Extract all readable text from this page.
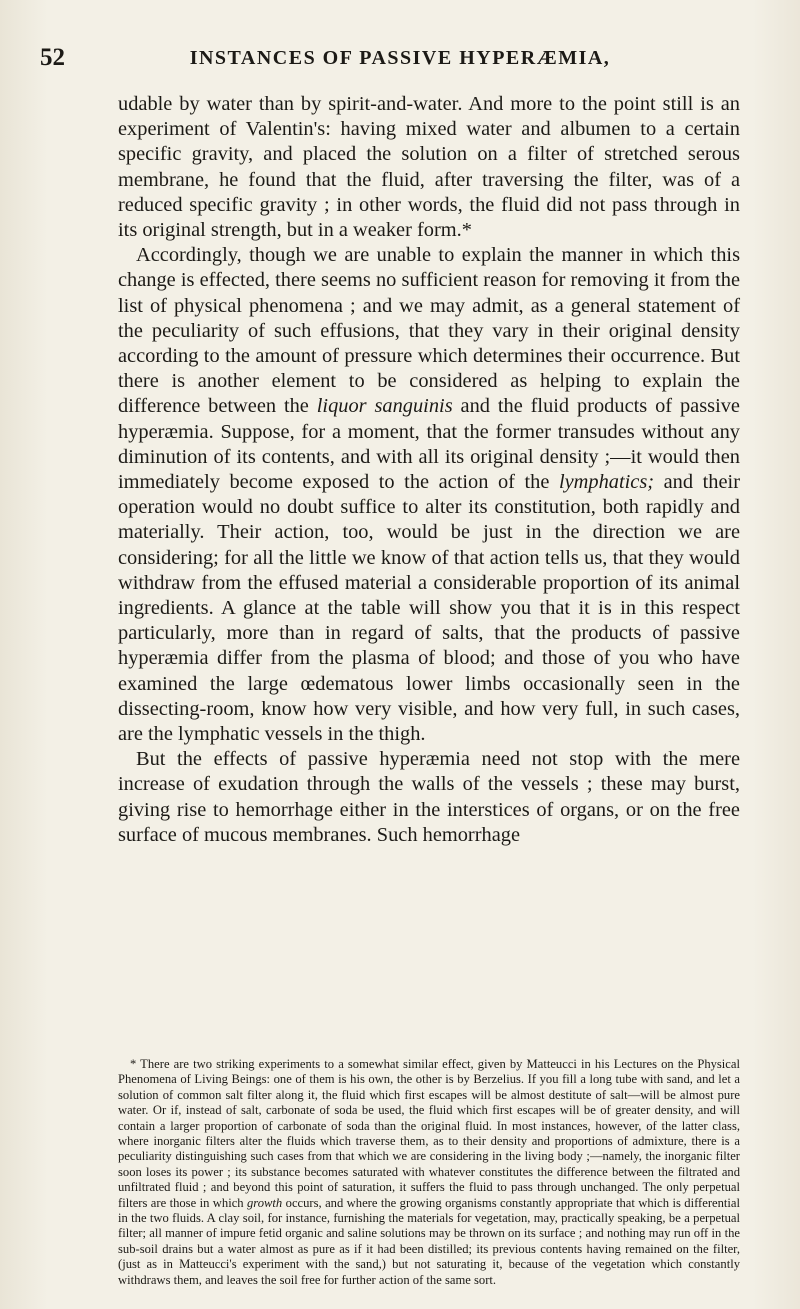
52	INSTANCES OF PASSIVE HYPERÆMIA,

udable by water than by spirit-and-water. And more to the point still is an experiment of Valentin's: having mixed water and albumen to a certain specific gravity, and placed the solution on a filter of stretched serous membrane, he found that the fluid, after traversing the filter, was of a reduced specific gravity ; in other words, the fluid did not pass through in its original strength, but in a weaker form.*

Accordingly, though we are unable to explain the manner in which this change is effected, there seems no sufficient reason for removing it from the list of physical phenomena ; and we may admit, as a general statement of the peculiarity of such effusions, that they vary in their original density according to the amount of pressure which determines their occurrence. But there is another element to be considered as helping to explain the difference between the liquor sanguinis and the fluid products of passive hyperæmia. Suppose, for a moment, that the former transudes without any diminution of its contents, and with all its original density ;—it would then immediately become exposed to the action of the lymphatics; and their operation would no doubt suffice to alter its constitution, both rapidly and materially. Their action, too, would be just in the direction we are considering; for all the little we know of that action tells us, that they would withdraw from the effused material a considerable proportion of its animal ingredients. A glance at the table will show you that it is in this respect particularly, more than in regard of salts, that the products of passive hyperæmia differ from the plasma of blood; and those of you who have examined the large œdematous lower limbs occasionally seen in the dissecting-room, know how very visible, and how very full, in such cases, are the lymphatic vessels in the thigh.

But the effects of passive hyperæmia need not stop with the mere increase of exudation through the walls of the vessels ; these may burst, giving rise to hemorrhage either in the interstices of organs, or on the free surface of mucous membranes. Such hemorrhage

* There are two striking experiments to a somewhat similar effect, given by Matteucci in his Lectures on the Physical Phenomena of Living Beings: one of them is his own, the other is by Berzelius. If you fill a long tube with sand, and let a solution of common salt filter along it, the fluid which first escapes will be almost destitute of salt—will be almost pure water. Or if, instead of salt, carbonate of soda be used, the fluid which first escapes will be of greater density, and will contain a larger proportion of carbonate of soda than the original fluid. In most instances, however, of the latter class, where inorganic filters alter the fluids which traverse them, as to their density and proportions of admixture, there is a peculiarity distinguishing such cases from that which we are considering in the living body ;—namely, the inorganic filter soon loses its power ; its substance becomes saturated with whatever constitutes the difference between the filtrated and unfiltrated fluid ; and beyond this point of saturation, it suffers the fluid to pass through unchanged. The only perpetual filters are those in which growth occurs, and where the growing organisms constantly appropriate that which is differential in the two fluids. A clay soil, for instance, furnishing the materials for vegetation, may, practically speaking, be a perpetual filter; all manner of impure fetid organic and saline solutions may be thrown on its surface ; and nothing may run off in the sub-soil drains but a water almost as pure as if it had been distilled; its previous contents having remained on the filter, (just as in Matteucci's experiment with the sand,) but not saturating it, because of the vegetation which constantly withdraws them, and leaves the soil free for further action of the same sort.
